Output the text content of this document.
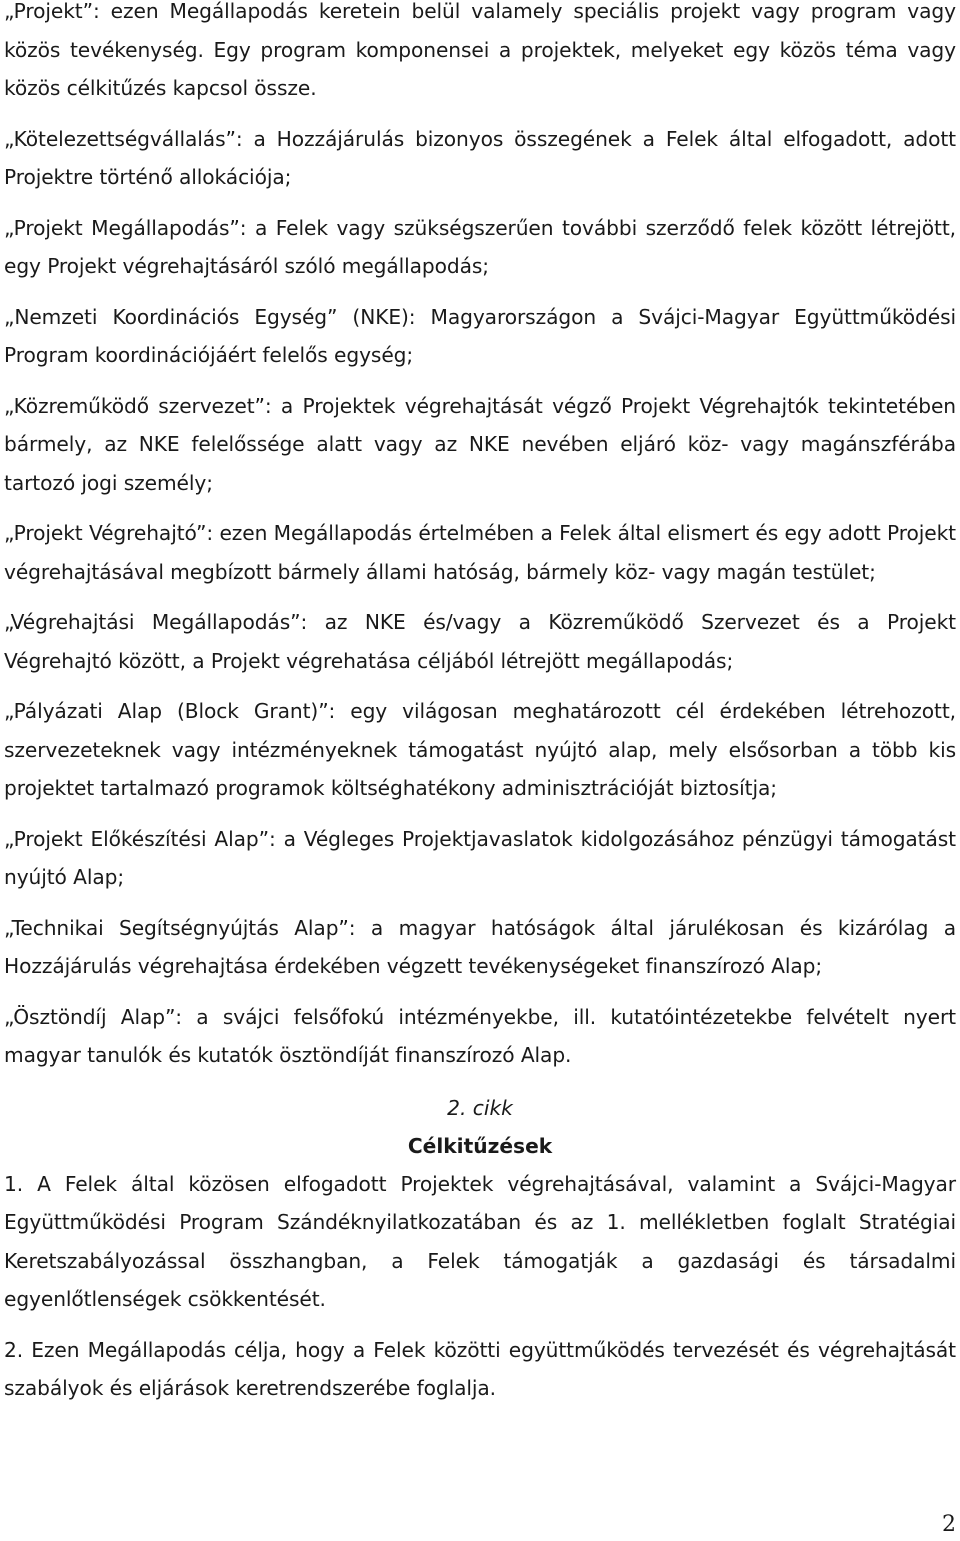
„Projekt”: ezen Megállapodás keretein belül valamely speciális projekt vagy program vagy közös tevékenység. Egy program komponensei a projektek, melyeket egy közös téma vagy közös célkitűzés kapcsol össze.

„Kötelezettségvállalás”: a Hozzájárulás bizonyos összegének a Felek által elfogadott, adott Projektre történő allokációja;

„Projekt Megállapodás”: a Felek vagy szükségszerűen további szerződő felek között létrejött, egy Projekt végrehajtásáról szóló megállapodás;

„Nemzeti Koordinációs Egység” (NKE): Magyarországon a Svájci-Magyar Együttműködési Program koordinációjáért felelős egység;

„Közreműködő szervezet”: a Projektek végrehajtását végző Projekt Végrehajtók tekintetében bármely, az NKE felelőssége alatt vagy az NKE nevében eljáró köz- vagy magánszférába tartozó jogi személy;

„Projekt Végrehajtó”: ezen Megállapodás értelmében a Felek által elismert és egy adott Projekt végrehajtásával megbízott bármely állami hatóság, bármely köz- vagy magán testület;

„Végrehajtási Megállapodás”: az NKE és/vagy a Közreműködő Szervezet és a Projekt Végrehajtó között, a Projekt végrehatása céljából létrejött megállapodás;

„Pályázati Alap (Block Grant)”: egy világosan meghatározott cél érdekében létrehozott, szervezeteknek vagy intézményeknek támogatást nyújtó alap, mely elsősorban a több kis projektet tartalmazó programok költséghatékony adminisztrációját biztosítja;

„Projekt Előkészítési Alap”: a Végleges Projektjavaslatok kidolgozásához pénzügyi támogatást nyújtó Alap;

„Technikai Segítségnyújtás Alap”: a magyar hatóságok által járulékosan és kizárólag a Hozzájárulás végrehajtása érdekében végzett tevékenységeket finanszírozó Alap;

„Ösztöndíj Alap”: a svájci felsőfokú intézményekbe, ill. kutatóintézetekbe felvételt nyert magyar tanulók és kutatók ösztöndíját finanszírozó Alap.

2. cikk
Célkitűzések

1. A Felek által közösen elfogadott Projektek végrehajtásával, valamint a Svájci-Magyar Együttműködési Program Szándéknyilatkozatában és az 1. mellékletben foglalt Stratégiai Keretszabályozással összhangban, a Felek támogatják a gazdasági és társadalmi egyenlőtlenségek csökkentését.

2. Ezen Megállapodás célja, hogy a Felek közötti együttműködés tervezését és végrehajtását szabályok és eljárások keretrendszerébe foglalja.

2
